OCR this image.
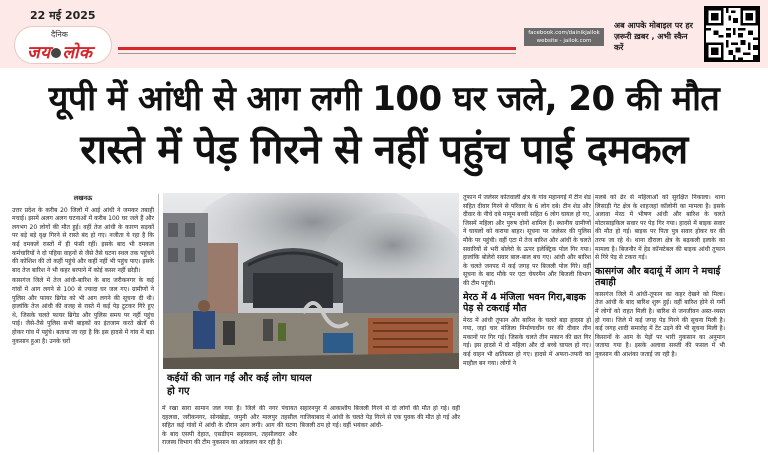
22 मई 2025
दैनिक
जय लोक
facebook.com/dainikjailok
website - jailok.com
अब आपके मोबाइल पर हर
ज़रूरी ख़बर , अभी स्कैन करें
यूपी में आंधी से आग लगी 100 घर जले, 20 की मौत
रास्ते में पेड़ गिरने से नहीं पहुंच पाई दमकल
लखनऊ

उत्तर प्रदेश के करीब 20 जिलों में आई आंधी ने जमकर तबाही मचाई। इसमें अलग अलग घटनाओं में करीब 100 घर जले हैं और लगभग 20 लोगों की मौत हुई। वहीं तेज आंधी के कारण सड़कों पर बड़े बड़े वृक्ष गिरने से रास्ते बंद हो गए। नजीता ये रहा है कि कई दमकलें रास्तों में ही फंसी रहीं। इसके बाद भी दमकल कर्मचारियों ने दो पहिया वाहनों से जैसे तैसे घटना स्थल तक पहुंचने की कोशिश की तो कहीं पहुंचे और कहीं नहीं भी पहुंच पाए। इसके बाद तेज बारिश ने भी कहर बरपाने में कोई कसर नहीं छोड़ी।

कासगंज जिले में तेज आंधी-बारिश के बाद जरीकनगर के कई गांवों में आग लगने से 100 से ज्यादा घर जल गए। ग्रामीणों ने पुलिस और फायर ब्रिगेड को भी आग लगने की सूचना दी थी। हालांकि तेज आंधी की वजह से रास्ते में कई पेड़ टूटकर गिरे हुए थे, जिसके चलते फायर ब्रिगेड और पुलिस समय पर नहीं पहुंच पाई। जैसे-तैसे पुलिस सभी बाइकों का इंतजाम करते खेतों से होकर गांव में पहुंचे। बताया जा रहा है कि इस हादसे में गांव में बड़ा नुकसान हुआ है। उनके घरों

कईयों की जान गई और कई लोग घायल हो गए

में रखा सारा सामान जल गया है। जिले की नगर पंचायत दहलवा, जरीकनगर, सोनखेड़ा, जमुनी और मालपुर तहसील सहित कई गांवों में आंधी के दौरान आग लगी। आग की घटना के बाद एसपी देहात, एसडीएम सहसवान, तहसीलदार और राजस्व विभाग की टीम नुकसान का आंकलन कर रही है।

सहारनपुर में आकाशीय बिजली गिरने से दो लोगों की मौत हो गई। वहीं गाजियाबाद में आंधी के चलते पेड़ गिरने से एक युवक की मौत हो गई और बिजली ठप हो गई। वहीं भयंकर आंधी-

तूफान में जलेसर कोतवाली क्षेत्र के गांव महानगई में टीन शेड सहित दीवार गिरने से परिवार के 6 लोग दबे। टीन शेड और दीवार के नीचे दबे मामूम बच्ची सहित 6 लोग घायल हो गए, जिसमें महिला और पुरुष दोनों शामिल हैं। स्थानीय ग्रामीणों ने घायलों को कराया बाहर। सूचना पर जलेसर की पुलिस मौके पर पहुंची। वहीं एटा में तेज बारिश और आंधी के चलते सवारियों से भरी बोलेरो के ऊपर इलेक्ट्रिक पोल गिर गया। हालांकि बोलेरो सवार बाल-बाल बच गए। आंधी और बारिश के चलते जनपद में कई जगह पर बिजली पोल गिरे। वहीं सूचना के बाद मौके पर एटा चेयरमैन और बिजली विभाग की टीम पहुंची।

मेरठ में 4 मंजिला भवन गिरा,बाइक पेड़ से टकराई मौत

मेरठ में आंधी तूफान और बारिश के चलते बड़ा हादसा हो गया, जहां चार मंजिला निर्माणाधीन घर की दीवार तीन मकानों पर गिर गई। जिसके चलते तीन मकान की छत गिर गई। इस हादसे में दो महिला और दो बच्चे घायल हो गए। कई वाहन भी क्षतिग्रस्त हो गए। हादसे में अफरा-तफरी का माहौल बन गया। लोगों ने

मलबे को ढेर से महिलाओं को सुरक्षित निकाला। थाना लिसाड़ी गेट क्षेत्र के शाहजहां कॉलोनी का मामला है। इसके अलावा मेरठ में भीषण आंधी और बारिश के चलते मोटरसाइकिल सवार पर पेड़ गिर गया। हादसे में बाइक सवार की मौत हो गई। बाइक पर पिता पुत्र सवार होकर घर की तरफ जा रहे थे। थाना दौराला क्षेत्र के बढ़कली इलाके का मामला है। बिजनौर में हेड कॉन्स्टेबल की बाइक आंधी तूफान से गिरे पेड़ से टकरा गई।

कासगंज और बदायूं में आग ने मचाई तबाही

कासगंज जिले में आंधी-तूफान का कहर देखने को मिला। तेज आंधी के बाद बारिश शुरू हुई। वहीं बारिश होने से गर्मी में लोगों को राहत मिली है। बारिश से जनजीवन अस्त-व्यस्त हो गया। जिले में कई जगह पेड़ गिरने की सूचना मिली है। कई जगह शादी समारोह में टेंट उड़ने की भी सूचना मिली है। किसानों के आम के पेड़ों पर भारी नुकसान का अनुमान जताया गया है। इसके अलावा सब्जी की फसल में भी नुकसान की आशंका जताई जा रही है।
